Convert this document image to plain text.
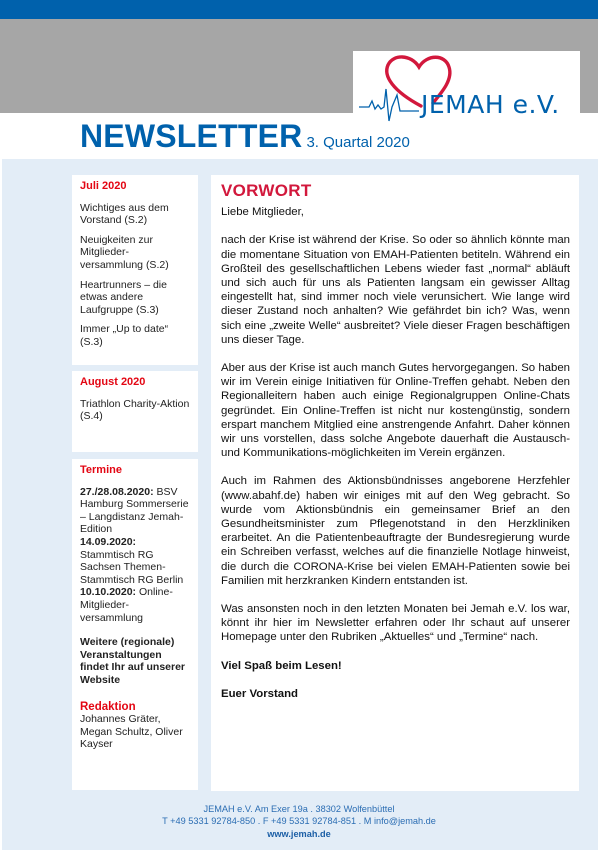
JEMAH e.V.
NEWSLETTER 3. Quartal 2020
Juli 2020

Wichtiges aus dem Vorstand (S.2)

Neuigkeiten zur Mitglieder-versammlung (S.2)

Heartrunners – die etwas andere Laufgruppe (S.3)

Immer „Up to date“ (S.3)

August 2020

Triathlon Charity-Aktion (S.4)

Termine
27./28.08.2020: BSV Hamburg Sommerserie – Langdistanz Jemah-Edition
14.09.2020: Stammtisch RG Sachsen Themen-Stammtisch RG Berlin
10.10.2020: Online-Mitglieder-versammlung
Weitere (regionale) Veranstaltungen findet Ihr auf unserer Website
Redaktion
Johannes Gräter, Megan Schultz, Oliver Kayser
VORWORT

Liebe Mitglieder,

nach der Krise ist während der Krise. So oder so ähnlich könnte man die momentane Situation von EMAH-Patienten betiteln. Während ein Großteil des gesellschaftlichen Lebens wieder fast „normal“ abläuft und sich auch für uns als Patienten langsam ein gewisser Alltag eingestellt hat, sind immer noch viele verunsichert. Wie lange wird dieser Zustand noch anhalten? Wie gefährdet bin ich? Was, wenn sich eine „zweite Welle“ ausbreitet? Viele dieser Fragen beschäftigen uns dieser Tage.

Aber aus der Krise ist auch manch Gutes hervorgegangen. So haben wir im Verein einige Initiativen für Online-Treffen gehabt. Neben den Regionalleitern haben auch einige Regionalgruppen Online-Chats gegründet. Ein Online-Treffen ist nicht nur kostengünstig, sondern erspart manchem Mitglied eine anstrengende Anfahrt. Daher können wir uns vorstellen, dass solche Angebote dauerhaft die Austausch- und Kommunikations-möglichkeiten im Verein ergänzen.

Auch im Rahmen des Aktionsbündnisses angeborene Herzfehler (www.abahf.de) haben wir einiges mit auf den Weg gebracht. So wurde vom Aktionsbündnis ein gemeinsamer Brief an den Gesundheitsminister zum Pflegenotstand in den Herzkliniken erarbeitet. An die Patientenbeauftragte der Bundesregierung wurde ein Schreiben verfasst, welches auf die finanzielle Notlage hinweist, die durch die CORONA-Krise bei vielen EMAH-Patienten sowie bei Familien mit herzkranken Kindern entstanden ist.

Was ansonsten noch in den letzten Monaten bei Jemah e.V. los war, könnt ihr hier im Newsletter erfahren oder Ihr schaut auf unserer Homepage unter den Rubriken „Aktuelles“ und „Termine“ nach.

Viel Spaß beim Lesen!

Euer Vorstand

JEMAH e.V. Am Exer 19a . 38302 Wolfenbüttel
T +49 5331 92784-850 . F +49 5331 92784-851 . M info@jemah.de
www.jemah.de
